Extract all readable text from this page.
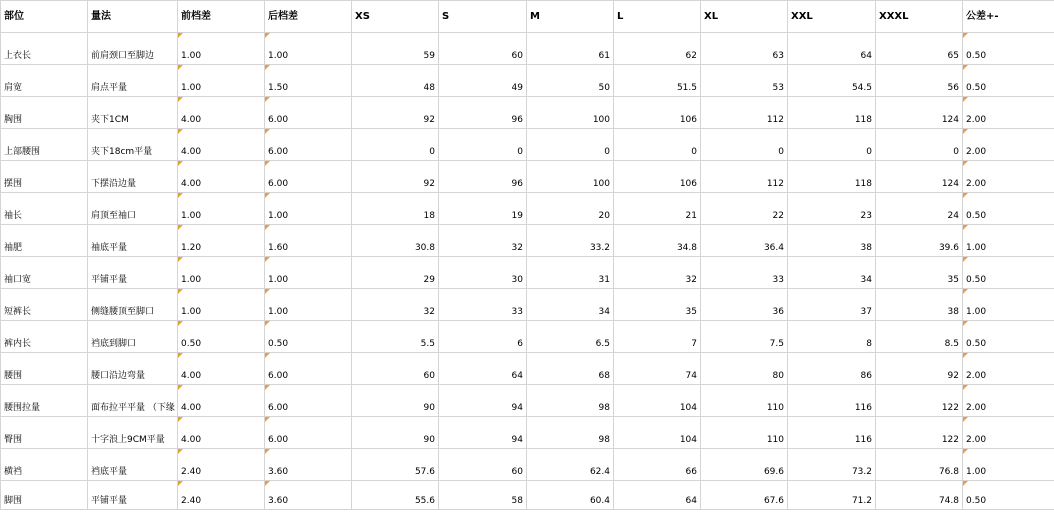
部位	量法	前档差	后档差	XS	S	M	L	XL	XXL	XXXL	公差+-
上衣长	前肩颈口至脚边	1.00	1.00	59	60	61	62	63	64	65	0.50
肩宽	肩点平量	1.00	1.50	48	49	50	51.5	53	54.5	56	0.50
胸围	夹下1CM	4.00	6.00	92	96	100	106	112	118	124	2.00
上部腰围	夹下18cm平量	4.00	6.00	0	0	0	0	0	0	0	2.00
摆围	下摆沿边量	4.00	6.00	92	96	100	106	112	118	124	2.00
袖长	肩顶至袖口	1.00	1.00	18	19	20	21	22	23	24	0.50
袖肥	袖底平量	1.20	1.60	30.8	32	33.2	34.8	36.4	38	39.6	1.00
袖口宽	平铺平量	1.00	1.00	29	30	31	32	33	34	35	0.50
短裤长	侧缝腰顶至脚口	1.00	1.00	32	33	34	35	36	37	38	1.00
裤内长	裆底到脚口	0.50	0.50	5.5	6	6.5	7	7.5	8	8.5	0.50
腰围	腰口沿边弯量	4.00	6.00	60	64	68	74	80	86	92	2.00
腰围拉量	面布拉平平量 （下缘	4.00	6.00	90	94	98	104	110	116	122	2.00
臀围	十字浪上9CM平量	4.00	6.00	90	94	98	104	110	116	122	2.00
横裆	裆底平量	2.40	3.60	57.6	60	62.4	66	69.6	73.2	76.8	1.00
脚围	平铺平量	2.40	3.60	55.6	58	60.4	64	67.6	71.2	74.8	0.50
